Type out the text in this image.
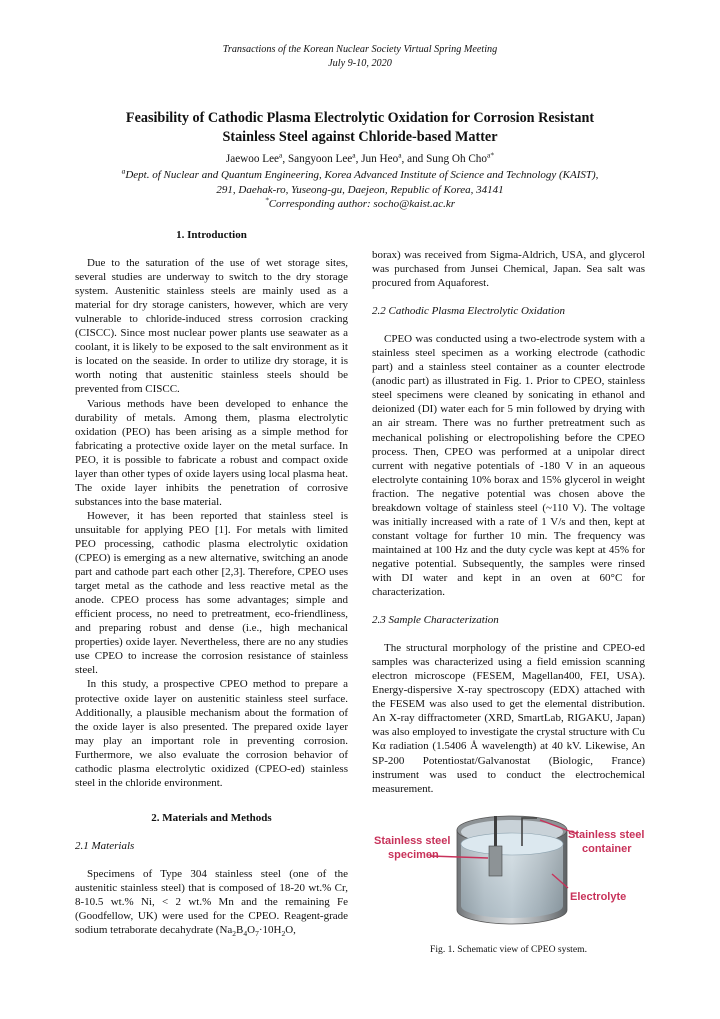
Transactions of the Korean Nuclear Society Virtual Spring Meeting
July 9-10, 2020
Feasibility of Cathodic Plasma Electrolytic Oxidation for Corrosion Resistant
Stainless Steel against Chloride-based Matter
Jaewoo Lee$^a$, Sangyoon Lee$^a$, Jun Heo$^a$, and Sung Oh Cho$^{a*}$
$^a$Dept. of Nuclear and Quantum Engineering, Korea Advanced Institute of Science and Technology (KAIST),
291, Daehak-ro, Yuseong-gu, Daejeon, Republic of Korea, 34141
*Corresponding author: socho@kaist.ac.kr
1. Introduction

Due to the saturation of the use of wet storage sites, several studies are underway to switch to the dry storage system. Austenitic stainless steels are mainly used as a material for dry storage canisters, however, which are very vulnerable to chloride-induced stress corrosion cracking (CISCC). Since most nuclear power plants use seawater as a coolant, it is likely to be exposed to the salt environment as it is located on the seaside. In order to utilize dry storage, it is worth noting that austenitic stainless steels should be prevented from CISCC.

Various methods have been developed to enhance the durability of metals. Among them, plasma electrolytic oxidation (PEO) has been arising as a simple method for fabricating a protective oxide layer on the metal surface. In PEO, it is possible to fabricate a robust and compact oxide layer than other types of oxide layers using local plasma heat. The oxide layer inhibits the penetration of corrosive substances into the base material.

However, it has been reported that stainless steel is unsuitable for applying PEO [1]. For metals with limited PEO processing, cathodic plasma electrolytic oxidation (CPEO) is emerging as a new alternative, switching an anode part and cathode part each other [2,3]. Therefore, CPEO uses target metal as the cathode and less reactive metal as the anode. CPEO process has some advantages; simple and efficient process, no need to pretreatment, eco-friendliness, and preparing robust and dense (i.e., high mechanical properties) oxide layer. Nevertheless, there are no any studies use CPEO to increase the corrosion resistance of stainless steel.

In this study, a prospective CPEO method to prepare a protective oxide layer on austenitic stainless steel surface. Additionally, a plausible mechanism about the formation of the oxide layer is also presented. The prepared oxide layer may play an important role in preventing corrosion. Furthermore, we also evaluate the corrosion behavior of cathodic plasma electrolytic oxidized (CPEO-ed) stainless steel in the chloride environment.

2. Materials and Methods
2.1 Materials

Specimens of Type 304 stainless steel (one of the austenitic stainless steel) that is composed of 18-20 wt.% Cr, 8-10.5 wt.% Ni, < 2 wt.% Mn and the remaining Fe (Goodfellow, UK) were used for the CPEO. Reagent-grade sodium tetraborate decahydrate ($Na_2B_4O_7\cdot 10H_2O$,

borax) was received from Sigma-Aldrich, USA, and glycerol was purchased from Junsei Chemical, Japan. Sea salt was procured from Aquaforest.

2.2 Cathodic Plasma Electrolytic Oxidation

CPEO was conducted using a two-electrode system with a stainless steel specimen as a working electrode (cathodic part) and a stainless steel container as a counter electrode (anodic part) as illustrated in Fig. 1. Prior to CPEO, stainless steel specimens were cleaned by sonicating in ethanol and deionized (DI) water each for 5 min followed by drying with an air stream. There was no further pretreatment such as mechanical polishing or electropolishing before the CPEO process. Then, CPEO was performed at a unipolar direct current with negative potentials of -180 V in an aqueous electrolyte containing 10% borax and 15% glycerol in weight fraction. The negative potential was chosen above the breakdown voltage of stainless steel (~110 V). The voltage was initially increased with a rate of 1 V/s and then, kept at constant voltage for further 10 min. The frequency was maintained at 100 Hz and the duty cycle was kept at 45% for negative potential. Subsequently, the samples were rinsed with DI water and kept in an oven at 60°C for characterization.

2.3 Sample Characterization

The structural morphology of the pristine and CPEO-ed samples was characterized using a field emission scanning electron microscope (FESEM, Magellan400, FEI, USA). Energy-dispersive X-ray spectroscopy (EDX) attached with the FESEM was also used to get the elemental distribution. An X-ray diffractometer (XRD, SmartLab, RIGAKU, Japan) was also employed to investigate the crystal structure with Cu Kα radiation (1.5406 Å wavelength) at 40 kV. Likewise, An SP-200 Potentiostat/Galvanostat (Biologic, France) instrument was used to conduct the electrochemical measurement.

Stainless steel
specimen
Stainless steel
container
Electrolyte
Fig. 1. Schematic view of CPEO system.
